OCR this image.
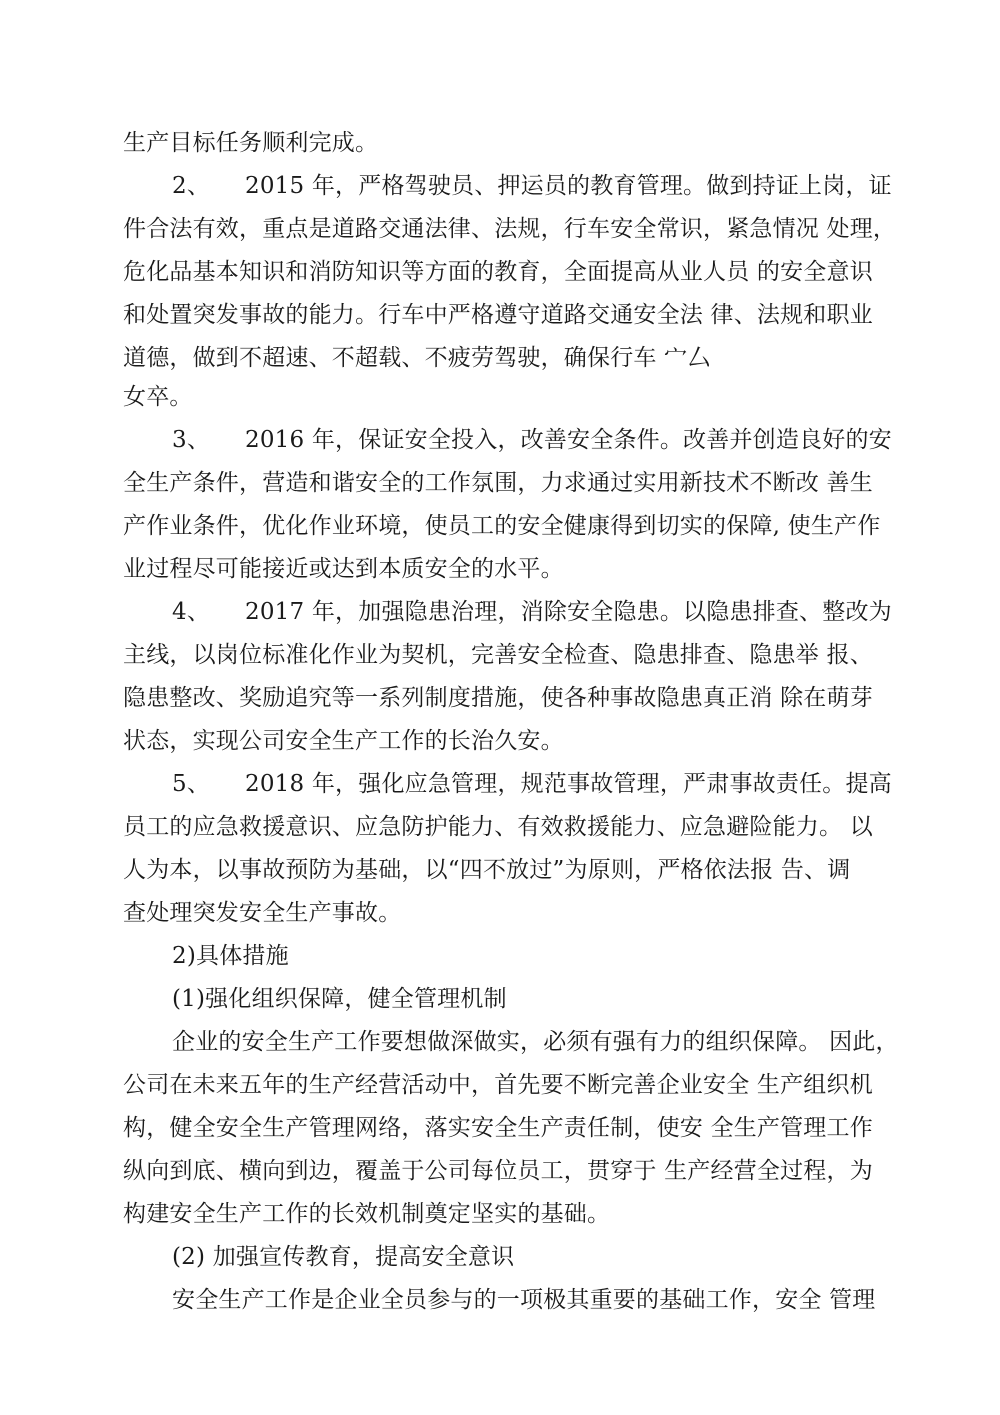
生产目标任务顺利完成。
2、 2015 年，严格驾驶员、押运员的教育管理。做到持证上岗，证
件合法有效，重点是道路交通法律、法规，行车安全常识，紧急情况 处理，
危化品基本知识和消防知识等方面的教育，全面提高从业人员 的安全意识
和处置突发事故的能力。行车中严格遵守道路交通安全法 律、法规和职业
道德，做到不超速、不超载、不疲劳驾驶，确保行车 宀厶
女卒。
3、 2016 年，保证安全投入，改善安全条件。改善并创造良好的安
全生产条件，营造和谐安全的工作氛围，力求通过实用新技术不断改 善生
产作业条件，优化作业环境，使员工的安全健康得到切实的保障, 使生产作
业过程尽可能接近或达到本质安全的水平。
4、 2017 年，加强隐患治理，消除安全隐患。以隐患排查、整改为
主线，以岗位标准化作业为契机，完善安全检查、隐患排查、隐患举 报、
隐患整改、奖励追究等一系列制度措施，使各种事故隐患真正消 除在萌芽
状态，实现公司安全生产工作的长治久安。
5、 2018 年，强化应急管理，规范事故管理，严肃事故责任。提高
员工的应急救援意识、应急防护能力、有效救援能力、应急避险能力。 以
人为本，以事故预防为基础，以“四不放过”为原则，严格依法报 告、调
查处理突发安全生产事故。
2)具体措施
(1)强化组织保障，健全管理机制
企业的安全生产工作要想做深做实，必须有强有力的组织保障。 因此，
公司在未来五年的生产经营活动中，首先要不断完善企业安全 生产组织机
构，健全安全生产管理网络，落实安全生产责任制，使安 全生产管理工作
纵向到底、横向到边，覆盖于公司每位员工，贯穿于 生产经营全过程，为
构建安全生产工作的长效机制奠定坚实的基础。
(2) 加强宣传教育，提高安全意识
安全生产工作是企业全员参与的一项极其重要的基础工作，安全 管理
